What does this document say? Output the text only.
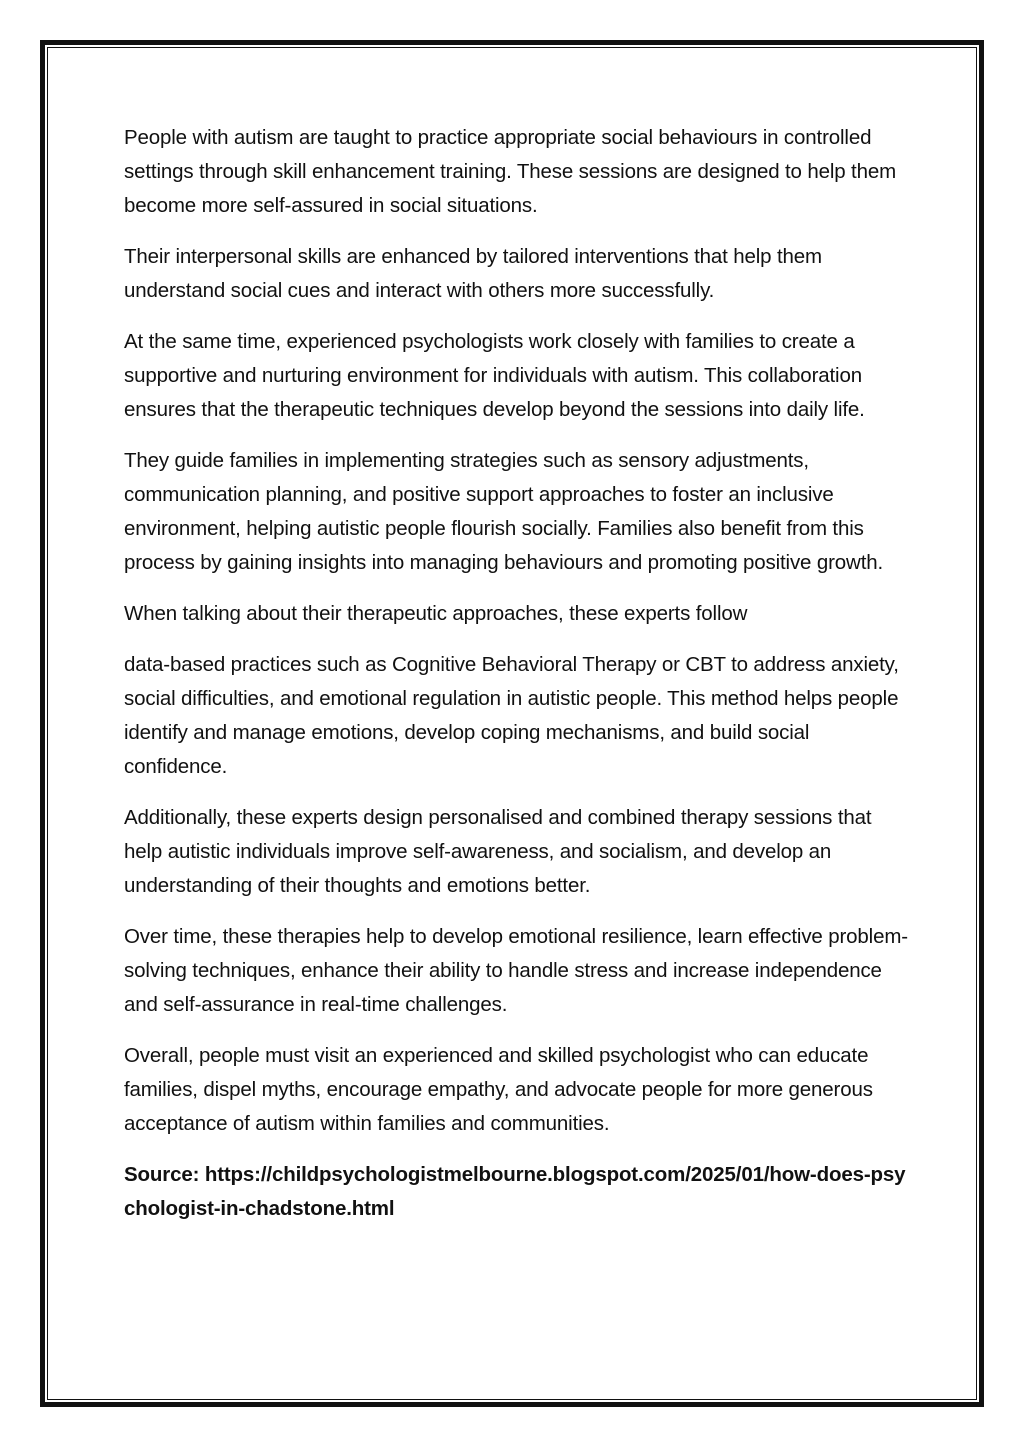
People with autism are taught to practice appropriate social behaviours in controlled settings through skill enhancement training. These sessions are designed to help them become more self-assured in social situations.

Their interpersonal skills are enhanced by tailored interventions that help them understand social cues and interact with others more successfully.

At the same time, experienced psychologists work closely with families to create a supportive and nurturing environment for individuals with autism. This collaboration ensures that the therapeutic techniques develop beyond the sessions into daily life.

They guide families in implementing strategies such as sensory adjustments, communication planning, and positive support approaches to foster an inclusive environment, helping autistic people flourish socially. Families also benefit from this process by gaining insights into managing behaviours and promoting positive growth.

When talking about their therapeutic approaches, these experts follow

data-based practices such as Cognitive Behavioral Therapy or CBT to address anxiety, social difficulties, and emotional regulation in autistic people. This method helps people identify and manage emotions, develop coping mechanisms, and build social confidence.

Additionally, these experts design personalised and combined therapy sessions that help autistic individuals improve self-awareness, and socialism, and develop an understanding of their thoughts and emotions better.

Over time, these therapies help to develop emotional resilience, learn effective problem-solving techniques, enhance their ability to handle stress and increase independence and self-assurance in real-time challenges.

Overall, people must visit an experienced and skilled psychologist who can educate families, dispel myths, encourage empathy, and advocate people for more generous acceptance of autism within families and communities.

Source: https://childpsychologistmelbourne.blogspot.com/2025/01/how-does-psychologist-in-chadstone.html
